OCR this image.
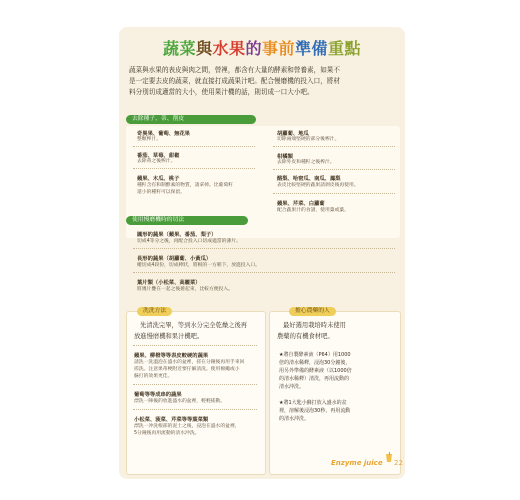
蔬菜與水果的事前準備重點
蔬菜與水果的表皮與肉之間，營裡，都含有大量的酵素和營養素，如果不
是一定要去皮的蔬菜，就直接打成蔬果汁吧。配合慢磨機的投入口，將材
料分別切成適當的大小，使用果汁機的話，則切成一口大小吧。
去除種子、蒂、削皮
奇異果、葡萄、無花果
整顆榨汁。
番茄、草莓、甜椒
去除蒂之後榨汁。
蘋果、木瓜、桃子
種籽含有和制酵素的物質，請拿掉。比葡萄籽
還小的種籽可以保留。
胡蘿蔔、地瓜
切除兩端堅硬的部分後榨汁。
柑橘類
去除外皮和種籽之後榨汁。
酪梨、哈密瓜、南瓜、鳳梨
表皮比較堅硬的蔬果請剝皮後再使用。
蘋果、芹菜、白蘿蔔
配合蔬果汁的食譜，使用葉或葉。
使用慢磨機時的切法
圓形的蔬果（蘋果、番茄、梨子）
切成4等分之後，再配合投入口切成適當的薄片。
長形的蔬果（胡蘿蔔、小黃瓜）
縱切成4段份，切成棒狀，將根的一方朝下，放進投入口。
葉片類（小松菜、高麗菜）
將幾片疊在一起之後捲起來，比較方便投入。
洗洗方法
先清洗完畢，等到水分完全乾燥之後再
放進慢磨機和果汁機吧。
蘋果、柳橙等等表皮較硬的蔬果
請洗一洗溫泡在盛水的盆裡，搓在分鐘後再用手來回
搓洗。注意果蒂梗附近要仔細清洗。使用棉繩或小
蘇打的效果更佳。
葡萄等等成串的蔬果
漂洗一陣後的放進盛水的盆裡，輕輕搖動。
小松菜、菠菜、芹菜等等葉菜類
漂洗一沖洗根部的泥土之後，浸泡在盛水的盆裡，
5分鐘後再用流動的清水沖洗。
擔心農藥的人
最好選用栽培時未使用
農藥的有機食材吧。
★將自製酵素液（P64）用1000
倍的清水稀釋，浸泡30分鐘後，
用另外準備的酵素液（以1000倍
的清水稀釋）清洗，再用流動的
清水沖洗。
★將1大匙小蘇打放入盛水的盆
裡，溶解後浸泡30秒，再用流動
的清水沖洗。
Enzyme juice 22
